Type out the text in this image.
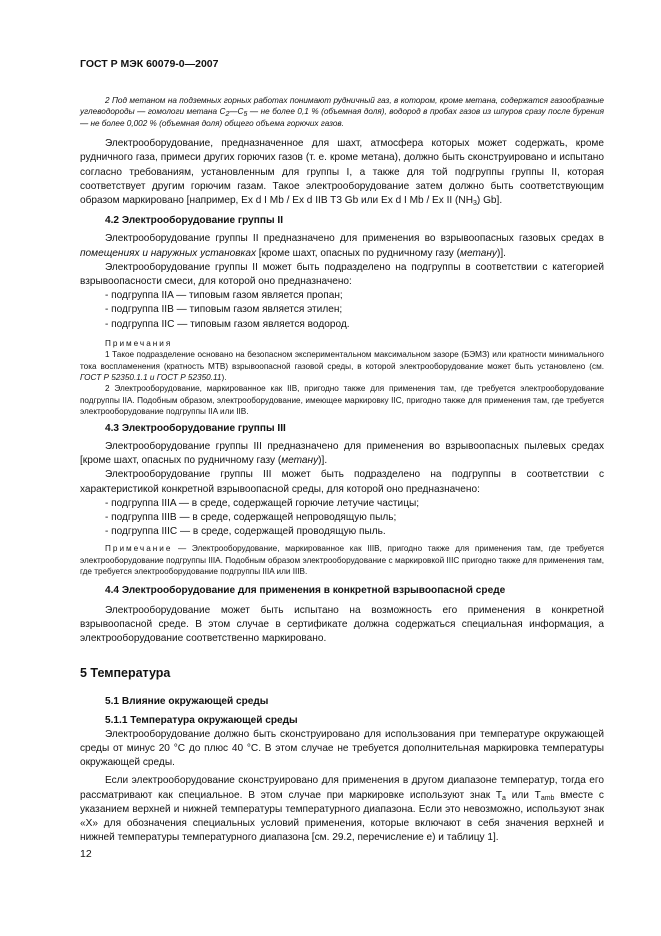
ГОСТ Р МЭК 60079-0—2007

2 Под метаном на подземных горных работах понимают рудничный газ, в котором, кроме метана, содержатся газообразные углеводороды — гомологи метана $C_2—C_5$ — не более 0,1 % (объемная доля), водород в пробах газов из шпуров сразу после бурения — не более 0,002 % (объемная доля) общего объема горючих газов.

Электрооборудование, предназначенное для шахт, атмосфера которых может содержать, кроме рудничного газа, примеси других горючих газов (т. е. кроме метана), должно быть сконструировано и испытано согласно требованиям, установленным для группы I, а также для той подгруппы группы II, которая соответствует другим горючим газам. Такое электрооборудование затем должно быть соответствующим образом маркировано [например, Ex d I Mb / Ex d IIB T3 Gb или Ex d I Mb / Ex II $(NH_3)$ Gb].

4.2 Электрооборудование группы II

Электрооборудование группы II предназначено для применения во взрывоопасных газовых средах в помещениях и наружных установках [кроме шахт, опасных по рудничному газу (метану)].

Электрооборудование группы II может быть подразделено на подгруппы в соответствии с категорией взрывоопасности смеси, для которой оно предназначено:

- подгруппа IIA — типовым газом является пропан;

- подгруппа IIB — типовым газом является этилен;

- подгруппа IIC — типовым газом является водород.

Примечания

1 Такое подразделение основано на безопасном экспериментальном максимальном зазоре (БЭМЗ) или кратности минимального тока воспламенения (кратность МТВ) взрывоопасной газовой среды, в которой электрооборудование может быть установлено (см. ГОСТ Р 52350.1.1 и ГОСТ Р 52350.11).

2 Электрооборудование, маркированное как IIB, пригодно также для применения там, где требуется электрооборудование подгруппы IIA. Подобным образом, электрооборудование, имеющее маркировку IIC, пригодно также для применения там, где требуется электрооборудование подгруппы IIA или IIB.

4.3 Электрооборудование группы III

Электрооборудование группы III предназначено для применения во взрывоопасных пылевых средах [кроме шахт, опасных по рудничному газу (метану)].

Электрооборудование группы III может быть подразделено на подгруппы в соответствии с характеристикой конкретной взрывоопасной среды, для которой оно предназначено:

- подгруппа IIIA — в среде, содержащей горючие летучие частицы;

- подгруппа IIIB — в среде, содержащей непроводящую пыль;

- подгруппа IIIC — в среде, содержащей проводящую пыль.

Примечание — Электрооборудование, маркированное как IIIB, пригодно также для применения там, где требуется электрооборудование подгруппы IIIA. Подобным образом электрооборудование с маркировкой IIIC пригодно также для применения там, где требуется электрооборудование подгруппы IIIA или IIIB.

4.4 Электрооборудование для применения в конкретной взрывоопасной среде

Электрооборудование может быть испытано на возможность его применения в конкретной взрывоопасной среде. В этом случае в сертификате должна содержаться специальная информация, а электрооборудование соответственно маркировано.

5 Температура
5.1 Влияние окружающей среды
5.1.1 Температура окружающей среды

Электрооборудование должно быть сконструировано для использования при температуре окружающей среды от минус 20 °С до плюс 40 °С. В этом случае не требуется дополнительная маркировка температуры окружающей среды.

Если электрооборудование сконструировано для применения в другом диапазоне температур, тогда его рассматривают как специальное. В этом случае при маркировке используют знак $T_a$ или $T_{amb}$ вместе с указанием верхней и нижней температуры температурного диапазона. Если это невозможно, используют знак «X» для обозначения специальных условий применения, которые включают в себя значения верхней и нижней температуры температурного диапазона [см. 29.2, перечисление е) и таблицу 1].

12
